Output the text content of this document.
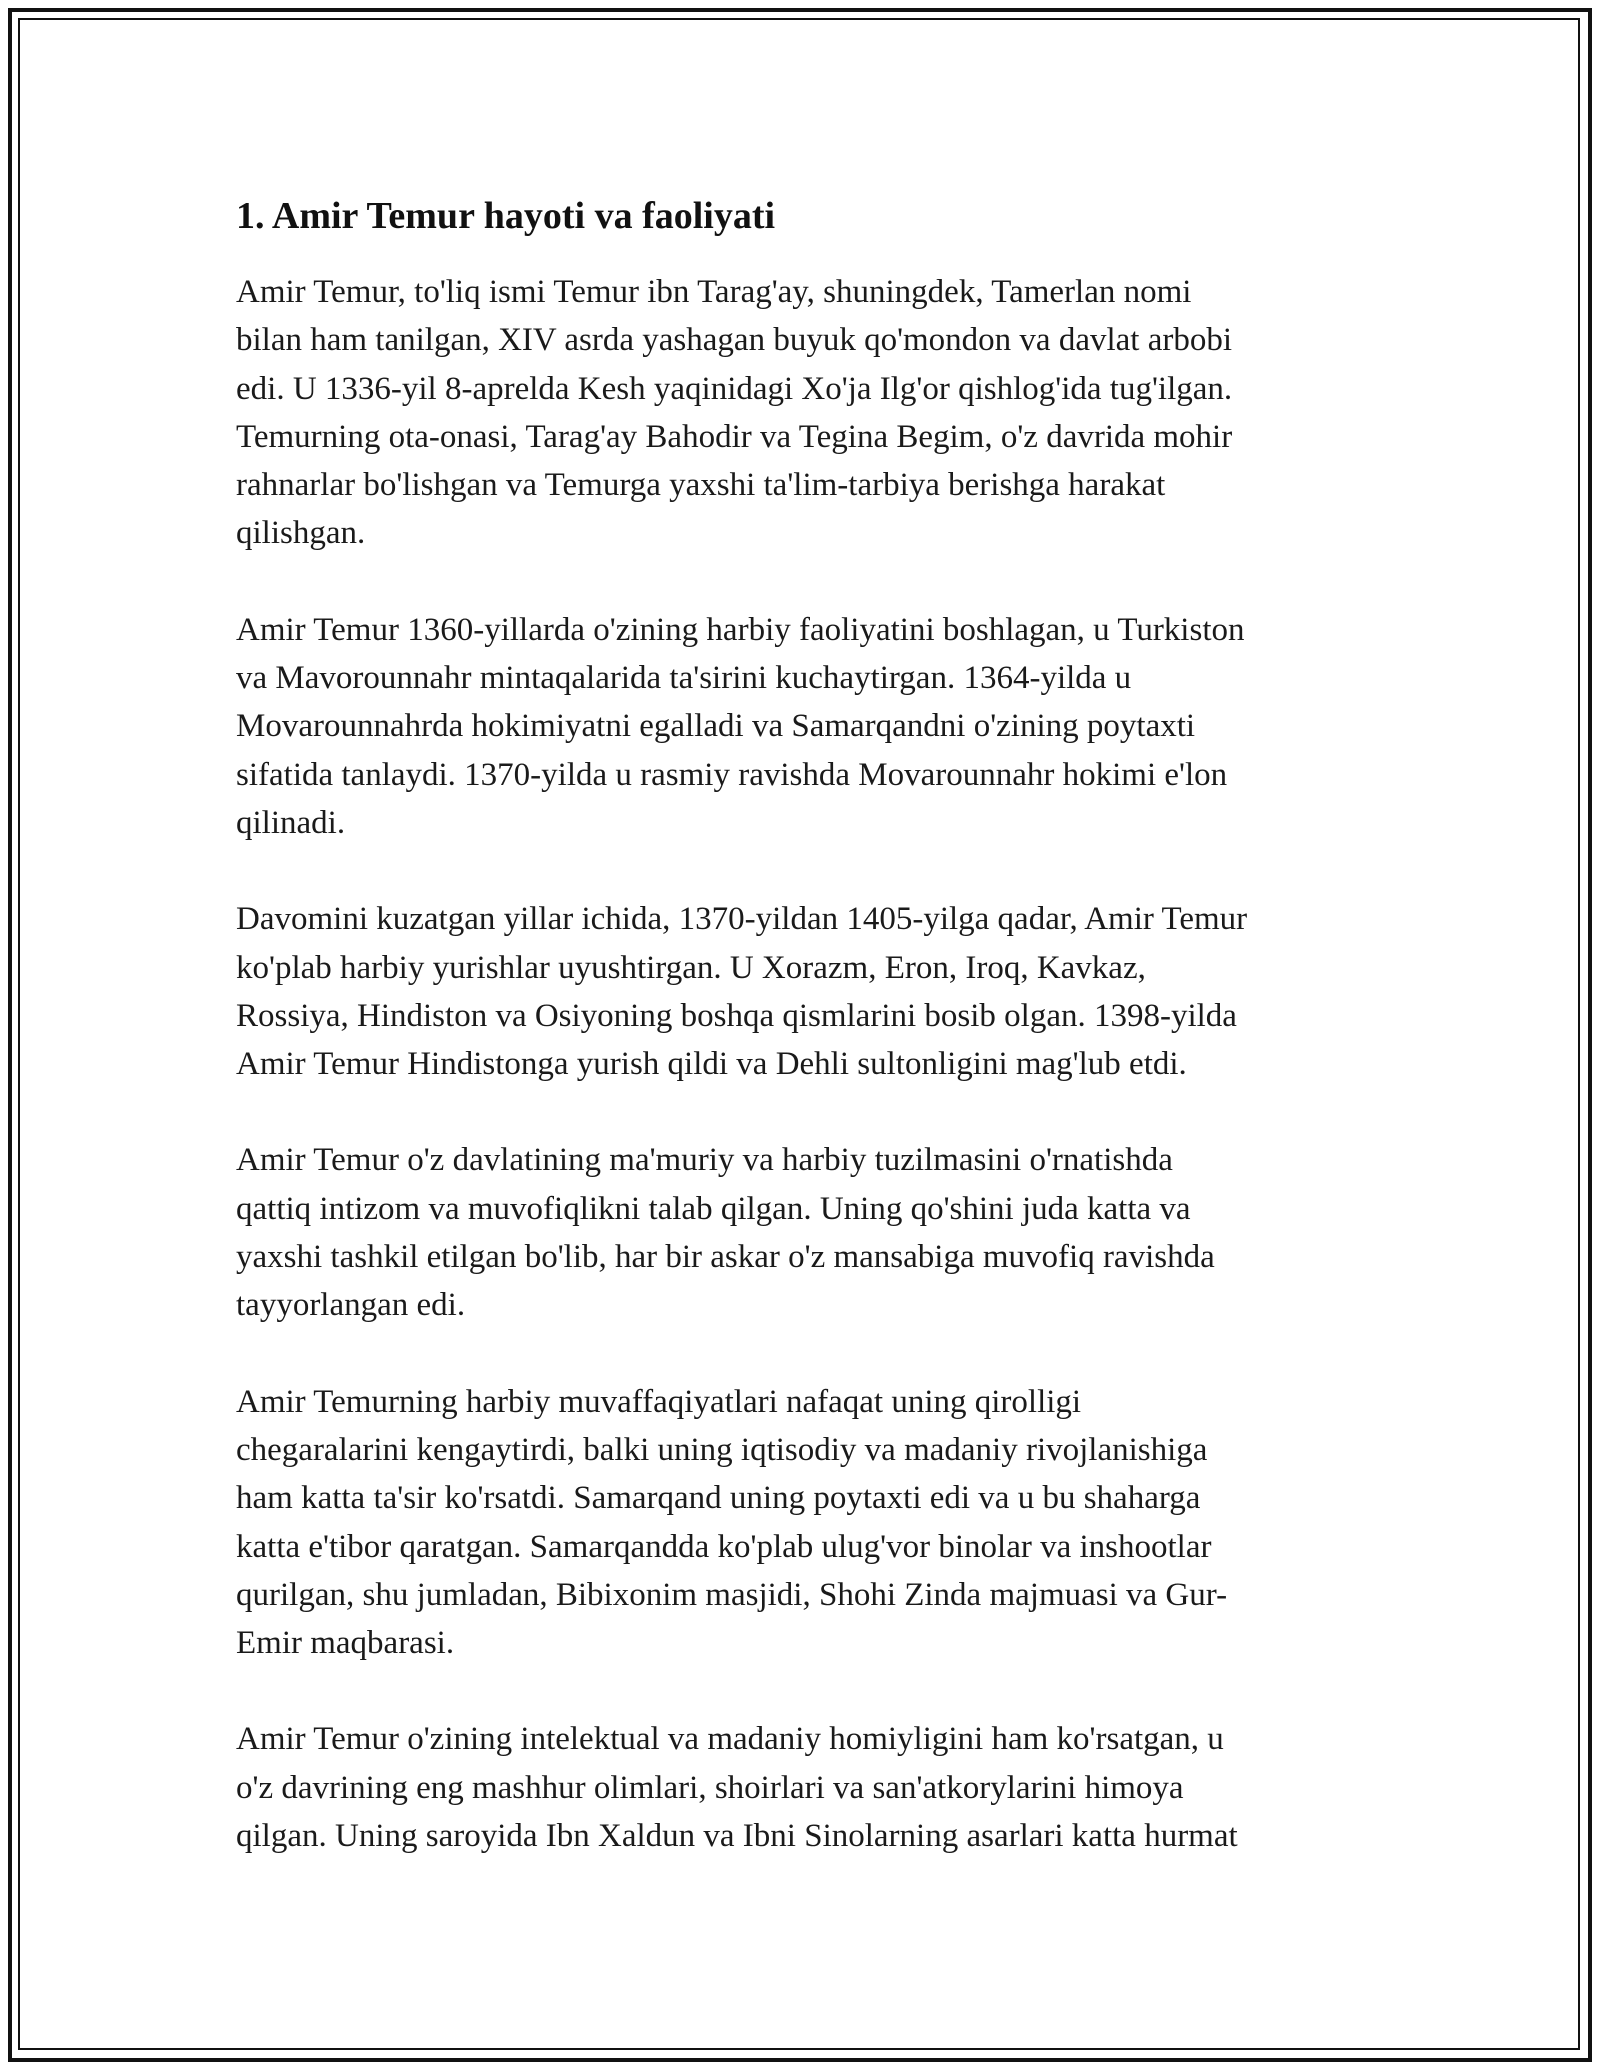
1. Amir Temur hayoti va faoliyati

Amir Temur, to'liq ismi Temur ibn Tarag'ay, shuningdek, Tamerlan nomi
bilan ham tanilgan, XIV asrda yashagan buyuk qo'mondon va davlat arbobi
edi. U 1336-yil 8-aprelda Kesh yaqinidagi Xo'ja Ilg'or qishlog'ida tug'ilgan.
Temurning ota-onasi, Tarag'ay Bahodir va Tegina Begim, o'z davrida mohir
rahnarlar bo'lishgan va Temurga yaxshi ta'lim-tarbiya berishga harakat
qilishgan.

Amir Temur 1360-yillarda o'zining harbiy faoliyatini boshlagan, u Turkiston
va Mavorounnahr mintaqalarida ta'sirini kuchaytirgan. 1364-yilda u
Movarounnahrda hokimiyatni egalladi va Samarqandni o'zining poytaxti
sifatida tanlaydi. 1370-yilda u rasmiy ravishda Movarounnahr hokimi e'lon
qilinadi.

Davomini kuzatgan yillar ichida, 1370-yildan 1405-yilga qadar, Amir Temur
ko'plab harbiy yurishlar uyushtirgan. U Xorazm, Eron, Iroq, Kavkaz,
Rossiya, Hindiston va Osiyoning boshqa qismlarini bosib olgan. 1398-yilda
Amir Temur Hindistonga yurish qildi va Dehli sultonligini mag'lub etdi.

Amir Temur o'z davlatining ma'muriy va harbiy tuzilmasini o'rnatishda
qattiq intizom va muvofiqlikni talab qilgan. Uning qo'shini juda katta va
yaxshi tashkil etilgan bo'lib, har bir askar o'z mansabiga muvofiq ravishda
tayyorlangan edi.

Amir Temurning harbiy muvaffaqiyatlari nafaqat uning qirolligi
chegaralarini kengaytirdi, balki uning iqtisodiy va madaniy rivojlanishiga
ham katta ta'sir ko'rsatdi. Samarqand uning poytaxti edi va u bu shaharga
katta e'tibor qaratgan. Samarqandda ko'plab ulug'vor binolar va inshootlar
qurilgan, shu jumladan, Bibixonim masjidi, Shohi Zinda majmuasi va Gur-
Emir maqbarasi.

Amir Temur o'zining intelektual va madaniy homiyligini ham ko'rsatgan, u
o'z davrining eng mashhur olimlari, shoirlari va san'atkorylarini himoya
qilgan. Uning saroyida Ibn Xaldun va Ibni Sinolarning asarlari katta hurmat
